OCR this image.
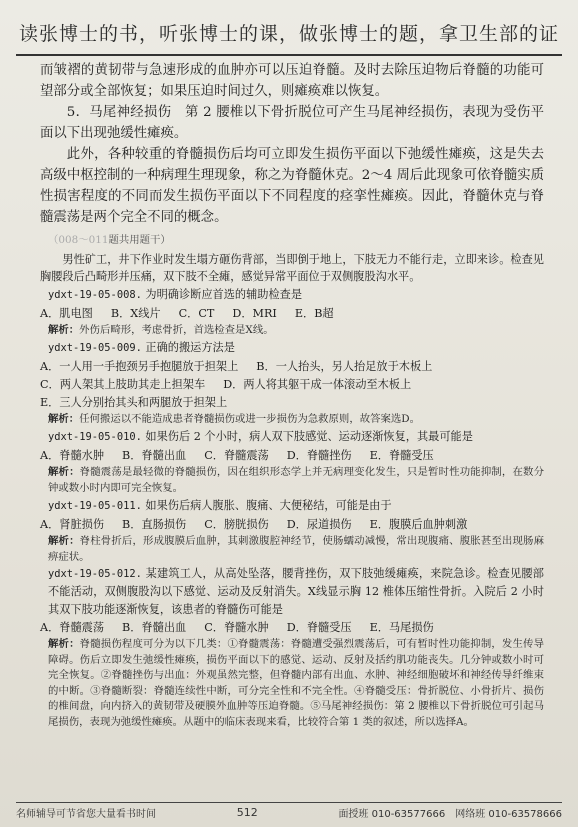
读张博士的书，听张博士的课，做张博士的题，拿卫生部的证

而皱褶的黄韧带与急速形成的血肿亦可以压迫脊髓。及时去除压迫物后脊髓的功能可望部分或全部恢复；如果压迫时间过久，则瘫痪难以恢复。

5．马尾神经损伤　第 2 腰椎以下骨折脱位可产生马尾神经损伤，表现为受伤平面以下出现弛缓性瘫痪。

此外，各种较重的脊髓损伤后均可立即发生损伤平面以下弛缓性瘫痪，这是失去高级中枢控制的一种病理生理现象，称之为脊髓休克。2～4 周后此现象可依脊髓实质性损害程度的不同而发生损伤平面以下不同程度的痉挛性瘫痪。因此，脊髓休克与脊髓震荡是两个完全不同的概念。

（008～011题共用题干）

男性矿工，井下作业时发生塌方砸伤背部，当即倒于地上，下肢无力不能行走，立即来诊。检查见胸腰段后凸畸形并压痛，双下肢不全瘫，感觉异常平面位于双侧腹股沟水平。

ydxt-19-05-008. 为明确诊断应首选的辅助检查是

A．肌电图 B．X线片 C．CT D．MRI E．B超

解析：外伤后畸形，考虑骨折，首选检查是X线。

ydxt-19-05-009. 正确的搬运方法是

A．一人用一手抱颈另手抱腿放于担架上 B．一人抬头，另人抬足放于木板上

C．两人架其上肢助其走上担架车 D．两人将其躯干成一体滚动至木板上

E．三人分别抬其头和两腿放于担架上

解析：任何搬运以不能造成患者脊髓损伤或进一步损伤为急救原则，故答案选D。

ydxt-19-05-010. 如果伤后 2 个小时，病人双下肢感觉、运动逐渐恢复，其最可能是

A．脊髓水肿 B．脊髓出血 C．脊髓震荡 D．脊髓挫伤 E．脊髓受压

解析：脊髓震荡是最轻微的脊髓损伤，因在组织形态学上并无病理变化发生，只是暂时性功能抑制，在数分钟或数小时内即可完全恢复。

ydxt-19-05-011. 如果伤后病人腹胀、腹痛、大便秘结，可能是由于

A．肾脏损伤 B．直肠损伤 C．膀胱损伤 D．尿道损伤 E．腹膜后血肿刺激

解析：脊柱骨折后，形成腹膜后血肿，其刺激腹腔神经节，使肠蠕动减慢，常出现腹痛、腹胀甚至出现肠麻痹症状。

ydxt-19-05-012. 某建筑工人，从高处坠落，腰背挫伤，双下肢弛缓瘫痪，来院急诊。检查见腰部不能活动，双侧腹股沟以下感觉、运动及反射消失。X线显示胸 12 椎体压缩性骨折。入院后 2 小时其双下肢功能逐渐恢复，该患者的脊髓伤可能是

A．脊髓震荡 B．脊髓出血 C．脊髓水肿 D．脊髓受压 E．马尾损伤

解析：脊髓损伤程度可分为以下几类：①脊髓震荡：脊髓遭受强烈震荡后，可有暂时性功能抑制，发生传导障碍。伤后立即发生弛缓性瘫痪，损伤平面以下的感觉、运动、反射及括约肌功能丧失。几分钟或数小时可完全恢复。②脊髓挫伤与出血：外观虽然完整，但脊髓内部有出血、水肿、神经细胞破坏和神经传导纤维束的中断。③脊髓断裂：脊髓连续性中断，可分完全性和不完全性。④脊髓受压：骨折脱位、小骨折片、损伤的椎间盘，向内挤入的黄韧带及硬膜外血肿等压迫脊髓。⑤马尾神经损伤：第 2 腰椎以下骨折脱位可引起马尾损伤，表现为弛缓性瘫痪。从题中的临床表现来看，比较符合第 1 类的叙述，所以选择A。

名师辅导可节省您大量看书时间	512	面授班 010-63577666　网络班 010-63578666
